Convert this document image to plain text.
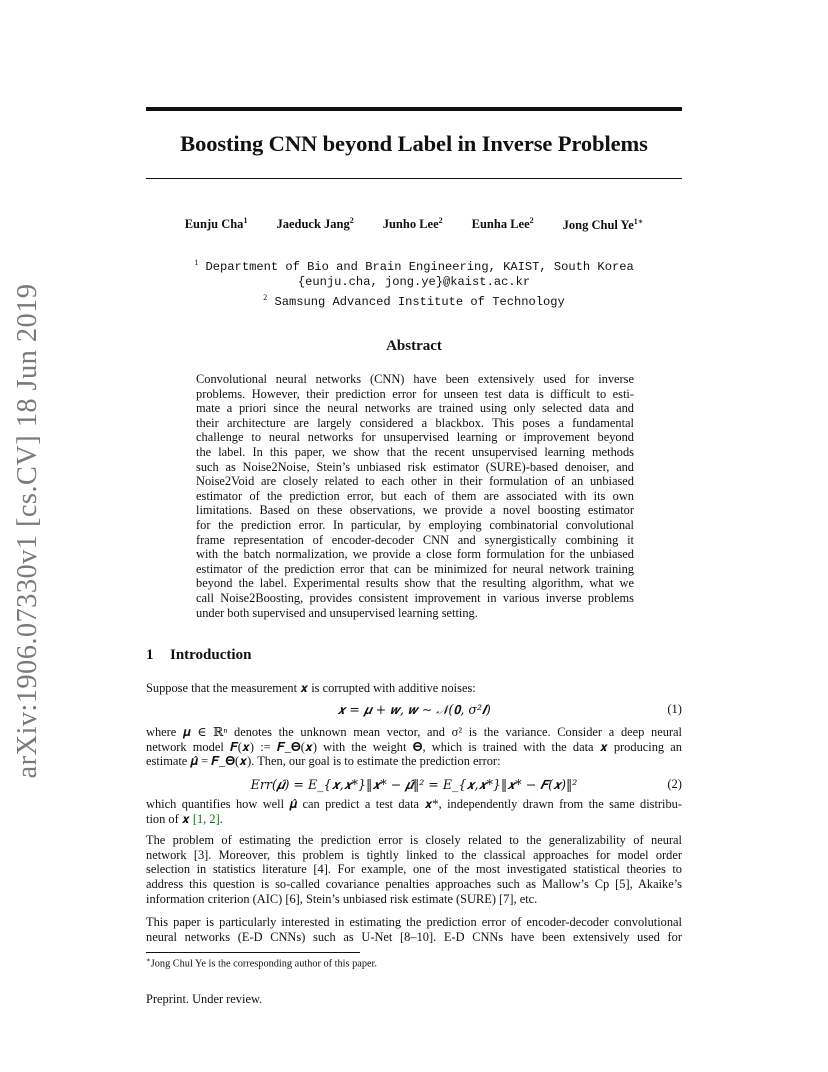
arXiv:1906.07330v1 [cs.CV] 18 Jun 2019
Boosting CNN beyond Label in Inverse Problems
Eunju Cha$^1$ Jaeduck Jang$^2$ Junho Lee$^2$ Eunha Lee$^2$ Jong Chul $Ye^{1∗}$
$^1$ Department of Bio and Brain Engineering, KAIST, South Korea
{eunju.cha, jong.ye}@kaist.ac.kr
$^2$ Samsung Advanced Institute of Technology
Abstract
Convolutional neural networks (CNN) have been extensively used for inverse
problems. However, their prediction error for unseen test data is difficult to esti-
mate a priori since the neural networks are trained using only selected data and
their architecture are largely considered a blackbox. This poses a fundamental
challenge to neural networks for unsupervised learning or improvement beyond
the label. In this paper, we show that the recent unsupervised learning methods
such as Noise2Noise, Stein’s unbiased risk estimator (SURE)-based denoiser, and
Noise2Void are closely related to each other in their formulation of an unbiased
estimator of the prediction error, but each of them are associated with its own
limitations. Based on these observations, we provide a novel boosting estimator
for the prediction error. In particular, by employing combinatorial convolutional
frame representation of encoder-decoder CNN and synergistically combining it
with the batch normalization, we provide a close form formulation for the unbiased
estimator of the prediction error that can be minimized for neural network training
beyond the label. Experimental results show that the resulting algorithm, what we
call Noise2Boosting, provides consistent improvement in various inverse problems
under both supervised and unsupervised learning setting.
1 Introduction
Suppose that the measurement 𝒙 is corrupted with additive noises:
𝒙 = 𝝁 + 𝒘, 𝒘 ∼ 𝒩(𝟎, σ²𝑰)	(1)
where 𝝁 ∈ ℝⁿ denotes the unknown mean vector, and σ² is the variance. Consider a deep neural
network model 𝑭(𝒙) := 𝑭_𝚯(𝒙) with the weight 𝚯, which is trained with the data 𝒙 producing an
estimate 𝝁̂ = 𝑭_𝚯(𝒙). Then, our goal is to estimate the prediction error:
Err(𝝁̂) = E_{𝒙,𝒙*}‖𝒙* − 𝝁̂‖² = E_{𝒙,𝒙*}‖𝒙* − 𝑭(𝒙)‖²	(2)
which quantifies how well 𝝁̂ can predict a test data 𝒙*, independently drawn from the same distribu-
tion of 𝒙 [1, 2].
The problem of estimating the prediction error is closely related to the generalizability of neural
network [3]. Moreover, this problem is tightly linked to the classical approaches for model order
selection in statistics literature [4]. For example, one of the most investigated statistical theories to
address this question is so-called covariance penalties approaches such as Mallow’s Cp [5], Akaike’s
information criterion (AIC) [6], Stein’s unbiased risk estimate (SURE) [7], etc.
This paper is particularly interested in estimating the prediction error of encoder-decoder convolutional
neural networks (E-D CNNs) such as U-Net [8–10]. E-D CNNs have been extensively used for
∗Jong Chul Ye is the corresponding author of this paper.
Preprint. Under review.
